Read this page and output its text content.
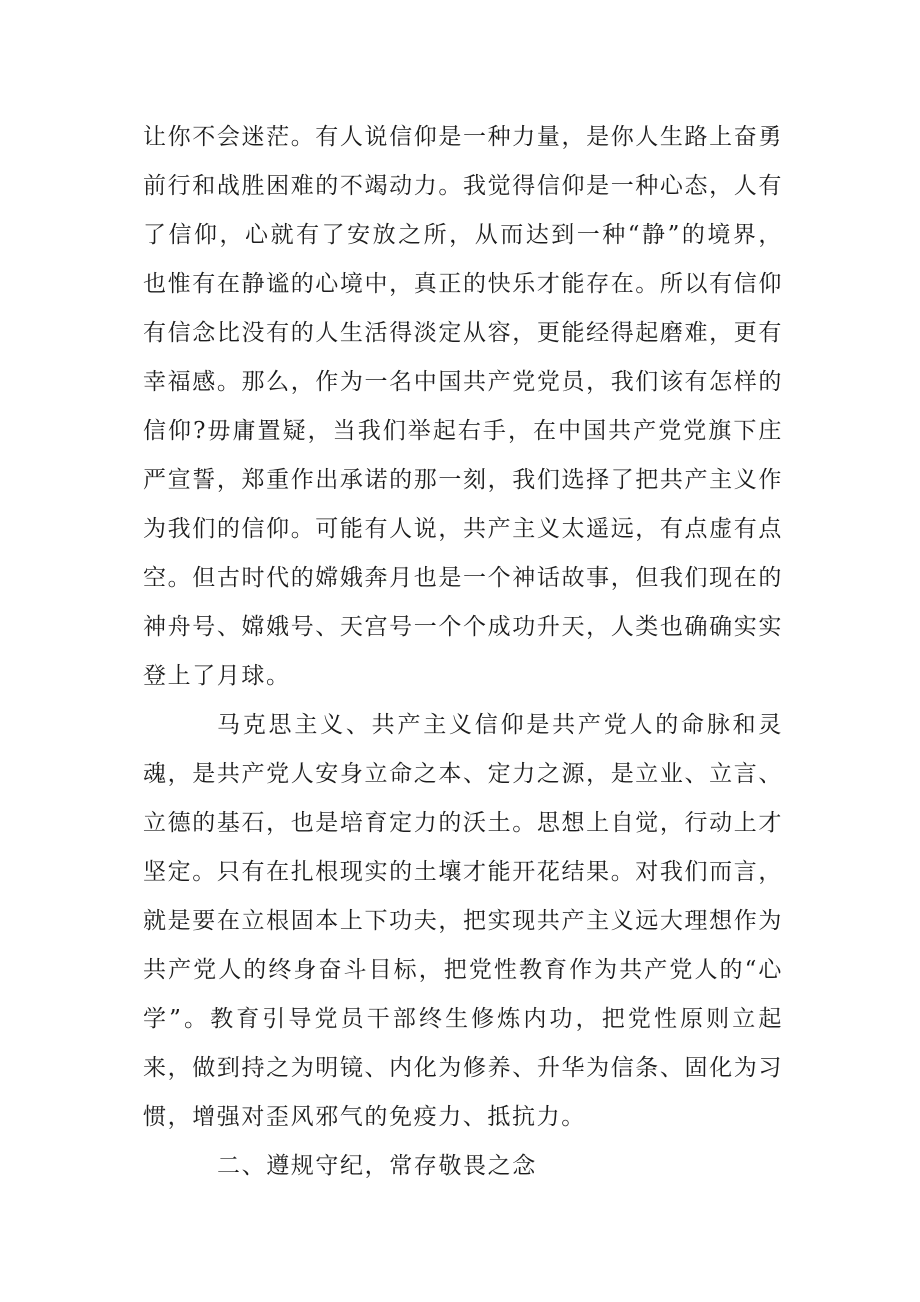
让你不会迷茫。有人说信仰是一种力量，是你人生路上奋勇前行和战胜困难的不竭动力。我觉得信仰是一种心态，人有了信仰，心就有了安放之所，从而达到一种“静”的境界，也惟有在静谧的心境中，真正的快乐才能存在。所以有信仰有信念比没有的人生活得淡定从容，更能经得起磨难，更有幸福感。那么，作为一名中国共产党党员，我们该有怎样的信仰?毋庸置疑，当我们举起右手，在中国共产党党旗下庄严宣誓，郑重作出承诺的那一刻，我们选择了把共产主义作为我们的信仰。可能有人说，共产主义太遥远，有点虚有点空。但古时代的嫦娥奔月也是一个神话故事，但我们现在的神舟号、嫦娥号、天宫号一个个成功升天，人类也确确实实登上了月球。

马克思主义、共产主义信仰是共产党人的命脉和灵魂，是共产党人安身立命之本、定力之源，是立业、立言、立德的基石，也是培育定力的沃土。思想上自觉，行动上才坚定。只有在扎根现实的土壤才能开花结果。对我们而言，就是要在立根固本上下功夫，把实现共产主义远大理想作为共产党人的终身奋斗目标，把党性教育作为共产党人的“心学”。教育引导党员干部终生修炼内功，把党性原则立起来，做到持之为明镜、内化为修养、升华为信条、固化为习惯，增强对歪风邪气的免疫力、抵抗力。

二、遵规守纪，常存敬畏之念
